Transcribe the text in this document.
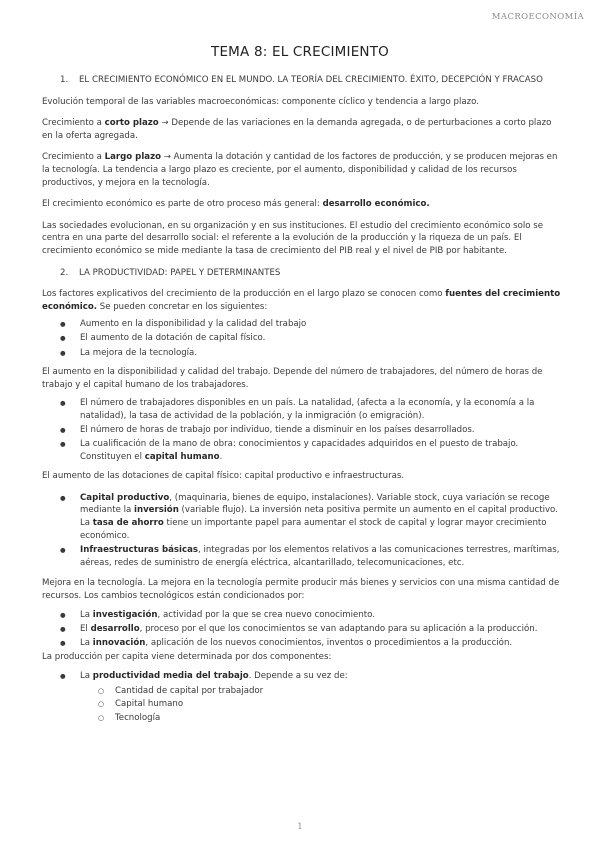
MACROECONOMÍA
TEMA 8: EL CRECIMIENTO
1.	EL CRECIMIENTO ECONÓMICO EN EL MUNDO. LA TEORÍA DEL CRECIMIENTO. ÉXITO, DECEPCIÓN Y FRACASO

Evolución temporal de las variables macroeconómicas: componente cíclico y tendencia a largo plazo.

Crecimiento a corto plazo → Depende de las variaciones en la demanda agregada, o de perturbaciones a corto plazo en la oferta agregada.

Crecimiento a Largo plazo → Aumenta la dotación y cantidad de los factores de producción, y se producen mejoras en la tecnología. La tendencia a largo plazo es creciente, por el aumento, disponibilidad y calidad de los recursos productivos, y mejora en la tecnología.

El crecimiento económico es parte de otro proceso más general: desarrollo económico.

Las sociedades evolucionan, en su organización y en sus instituciones. El estudio del crecimiento económico solo se centra en una parte del desarrollo social: el referente a la evolución de la producción y la riqueza de un país. El crecimiento económico se mide mediante la tasa de crecimiento del PIB real y el nivel de PIB por habitante.

2.	LA PRODUCTIVIDAD: PAPEL Y DETERMINANTES

Los factores explicativos del crecimiento de la producción en el largo plazo se conocen como fuentes del crecimiento económico. Se pueden concretar en los siguientes:

● Aumento en la disponibilidad y la calidad del trabajo
● El aumento de la dotación de capital físico.
● La mejora de la tecnología.

El aumento en la disponibilidad y calidad del trabajo. Depende del número de trabajadores, del número de horas de trabajo y el capital humano de los trabajadores.

● El número de trabajadores disponibles en un país. La natalidad, (afecta a la economía, y la economía a la natalidad), la tasa de actividad de la población, y la inmigración (o emigración).
● El número de horas de trabajo por individuo, tiende a disminuir en los países desarrollados.
● La cualificación de la mano de obra: conocimientos y capacidades adquiridos en el puesto de trabajo. Constituyen el capital humano.

El aumento de las dotaciones de capital físico: capital productivo e infraestructuras.

● Capital productivo, (maquinaria, bienes de equipo, instalaciones). Variable stock, cuya variación se recoge mediante la inversión (variable flujo). La inversión neta positiva permite un aumento en el capital productivo. La tasa de ahorro tiene un importante papel para aumentar el stock de capital y lograr mayor crecimiento económico.
● Infraestructuras básicas, integradas por los elementos relativos a las comunicaciones terrestres, marítimas, aéreas, redes de suministro de energía eléctrica, alcantarillado, telecomunicaciones, etc.

Mejora en la tecnología. La mejora en la tecnología permite producir más bienes y servicios con una misma cantidad de recursos. Los cambios tecnológicos están condicionados por:

● La investigación, actividad por la que se crea nuevo conocimiento.
● El desarrollo, proceso por el que los conocimientos se van adaptando para su aplicación a la producción.
● La innovación, aplicación de los nuevos conocimientos, inventos o procedimientos a la producción.

La producción per capita viene determinada por dos componentes:

● La productividad media del trabajo. Depende a su vez de:
○ Cantidad de capital por trabajador
○ Capital humano
○ Tecnología
1
